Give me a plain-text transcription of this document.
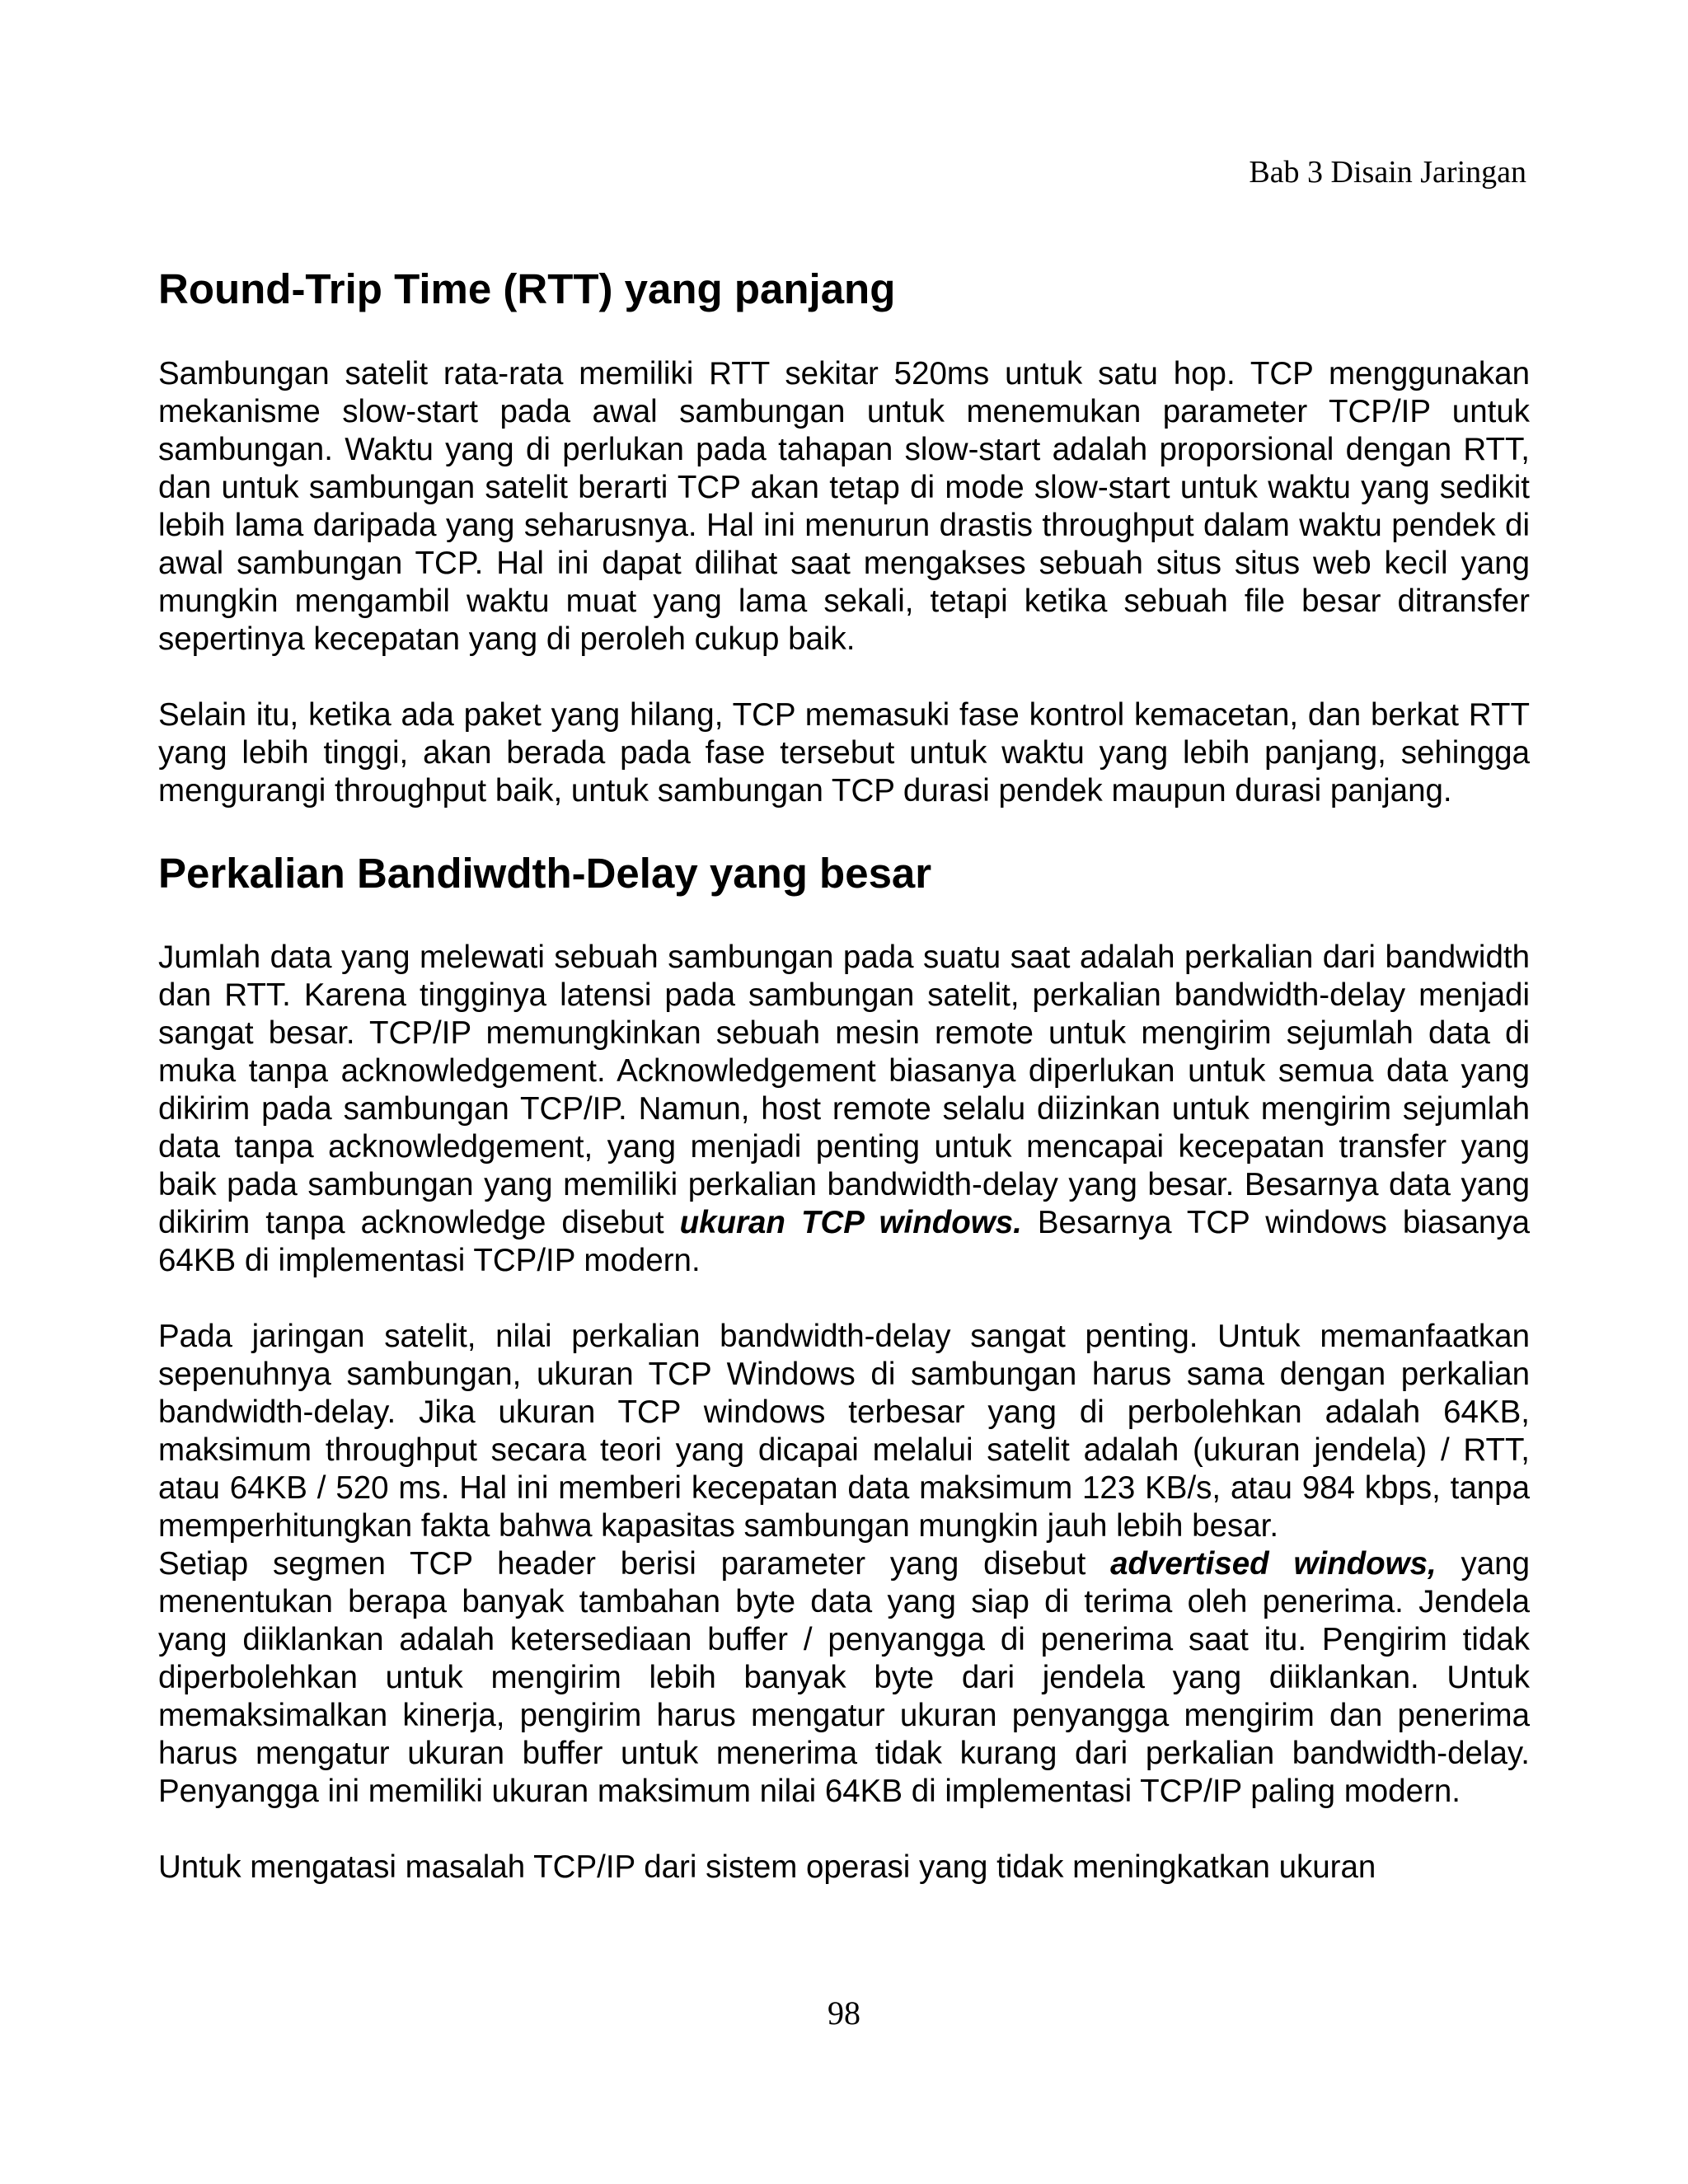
Bab 3 Disain Jaringan

Round-Trip Time (RTT) yang panjang

Sambungan satelit rata-rata memiliki RTT sekitar 520ms untuk satu hop. TCP menggunakan mekanisme slow-start pada awal sambungan untuk menemukan parameter TCP/IP untuk sambungan. Waktu yang di perlukan pada tahapan slow-start adalah proporsional dengan RTT, dan untuk sambungan satelit berarti TCP akan tetap di mode slow-start untuk waktu yang sedikit lebih lama daripada yang seharusnya. Hal ini menurun drastis throughput dalam waktu pendek di awal sambungan TCP. Hal ini dapat dilihat saat mengakses sebuah situs situs web kecil yang mungkin mengambil waktu muat yang lama sekali, tetapi ketika sebuah file besar ditransfer sepertinya kecepatan yang di peroleh cukup baik.

Selain itu, ketika ada paket yang hilang, TCP memasuki fase kontrol kemacetan, dan berkat RTT yang lebih tinggi, akan berada pada fase tersebut untuk waktu yang lebih panjang, sehingga mengurangi throughput baik, untuk sambungan TCP durasi pendek maupun durasi panjang.

Perkalian Bandiwdth-Delay yang besar

Jumlah data yang melewati sebuah sambungan pada suatu saat adalah perkalian dari bandwidth dan RTT. Karena tingginya latensi pada sambungan satelit, perkalian bandwidth-delay menjadi sangat besar. TCP/IP memungkinkan sebuah mesin remote untuk mengirim sejumlah data di muka tanpa acknowledgement. Acknowledgement biasanya diperlukan untuk semua data yang dikirim pada sambungan TCP/IP. Namun, host remote selalu diizinkan untuk mengirim sejumlah data tanpa acknowledgement, yang menjadi penting untuk mencapai kecepatan transfer yang baik pada sambungan yang memiliki perkalian bandwidth-delay yang besar. Besarnya data yang dikirim tanpa acknowledge disebut ukuran TCP windows. Besarnya TCP windows biasanya 64KB di implementasi TCP/IP modern.

Pada jaringan satelit, nilai perkalian bandwidth-delay sangat penting. Untuk memanfaatkan sepenuhnya sambungan, ukuran TCP Windows di sambungan harus sama dengan perkalian bandwidth-delay. Jika ukuran TCP windows terbesar yang di perbolehkan adalah 64KB, maksimum throughput secara teori yang dicapai melalui satelit adalah (ukuran jendela) / RTT, atau 64KB / 520 ms. Hal ini memberi kecepatan data maksimum 123 KB/s, atau 984 kbps, tanpa memperhitungkan fakta bahwa kapasitas sambungan mungkin jauh lebih besar.

Setiap segmen TCP header berisi parameter yang disebut advertised windows, yang menentukan berapa banyak tambahan byte data yang siap di terima oleh penerima. Jendela yang diiklankan adalah ketersediaan buffer / penyangga di penerima saat itu. Pengirim tidak diperbolehkan untuk mengirim lebih banyak byte dari jendela yang diiklankan. Untuk memaksimalkan kinerja, pengirim harus mengatur ukuran penyangga mengirim dan penerima harus mengatur ukuran buffer untuk menerima tidak kurang dari perkalian bandwidth-delay. Penyangga ini memiliki ukuran maksimum nilai 64KB di implementasi TCP/IP paling modern.

Untuk mengatasi masalah TCP/IP dari sistem operasi yang tidak meningkatkan ukuran

98
